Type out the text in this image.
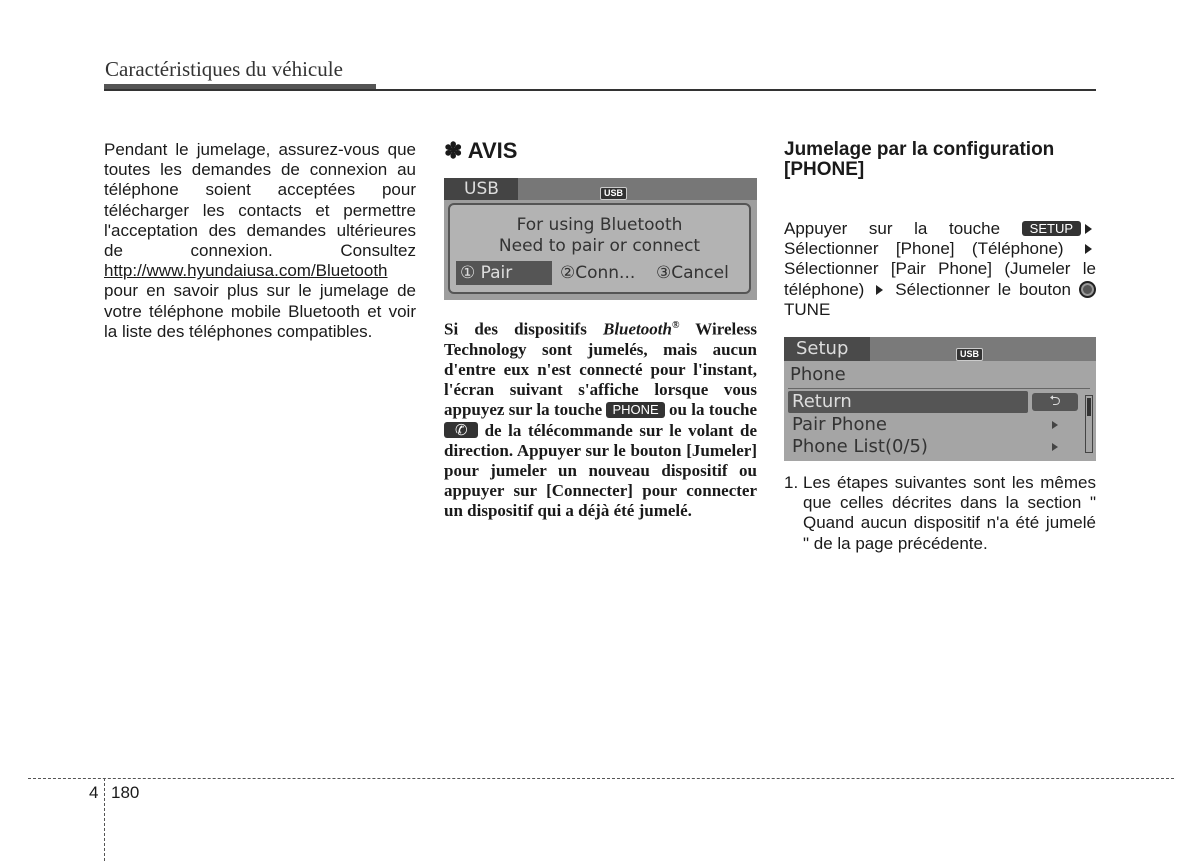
Caractéristiques du véhicule
Pendant le jumelage, assurez-vous que toutes les demandes de connexion au téléphone soient acceptées pour télécharger les contacts et permettre l'acceptation des demandes ultérieures de connexion. Consultez http://www.hyundaiusa.com/Bluetooth pour en savoir plus sur le jumelage de votre téléphone mobile Bluetooth et voir la liste des téléphones compatibles.
✽ AVIS
USB	USB
For using Bluetooth
Need to pair or connect
① Pair	②Conn... ③Cancel
Si des dispositifs Bluetooth® Wireless Technology sont jumelés, mais aucun d'entre eux n'est connecté pour l'instant, l'écran suivant s'affiche lorsque vous appuyez sur la touche PHONE ou la touche
✆ de la télécommande sur le volant de direction. Appuyer sur le bouton [Jumeler] pour jumeler un nouveau dispositif ou appuyer sur [Connecter] pour connecter un dispositif qui a déjà été jumelé.
Jumelage par la configuration [PHONE]
Appuyer sur la touche SETUP Sélectionner [Phone] (Téléphone)  Sélectionner [Pair Phone] (Jumeler le téléphone)  Sélectionner le bouton  TUNE
Setup	USB
Phone
Return	⮌
Pair Phone
Phone List(0/5)
1. Les étapes suivantes sont les mêmes que celles décrites dans la section " Quand aucun dispositif n'a été jumelé " de la page précédente.
4 180
